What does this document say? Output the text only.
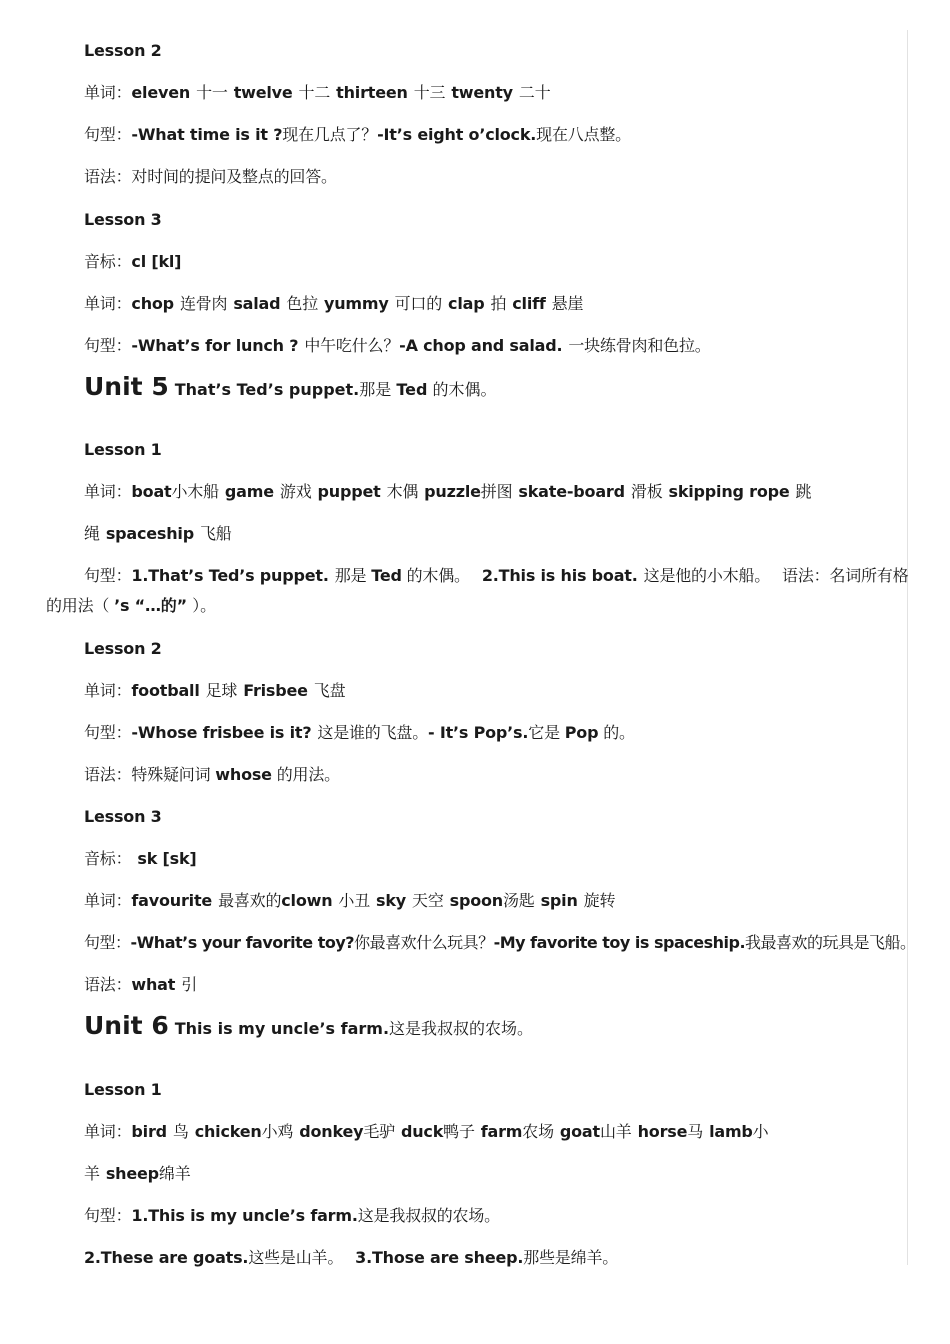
Lesson 2
单词：eleven 十一 twelve 十二 thirteen 十三 twenty 二十
句型：-What time is it ?现在几点了？-It’s eight o’clock.现在八点整。
语法：对时间的提问及整点的回答。
Lesson 3
音标：cl [kl]
单词：chop 连骨肉 salad 色拉 yummy 可口的 clap 拍 cliff 悬崖
句型：-What’s for lunch ? 中午吃什么？-A chop and salad. 一块练骨肉和色拉。
Unit 5 That’s Ted’s puppet.那是 Ted 的木偶。
Lesson 1
单词：boat小木船 game 游戏 puppet 木偶 puzzle拼图 skate-board 滑板 skipping rope 跳
绳 spaceship 飞船
句型：1.That’s Ted’s puppet. 那是 Ted 的木偶。 2.This is his boat. 这是他的小木船。 语法：名词所有格
的用法（ ’s “…的” ）。
Lesson 2
单词：football 足球 Frisbee 飞盘
句型：-Whose frisbee is it? 这是谁的飞盘。- It’s Pop’s.它是 Pop 的。
语法：特殊疑问词 whose 的用法。
Lesson 3
音标： sk [sk]
单词：favourite 最喜欢的clown 小丑 sky 天空 spoon汤匙 spin 旋转
句型：-What’s your favorite toy?你最喜欢什么玩具？-My favorite toy is spaceship.我最喜欢的玩具是飞船。
语法：what 引
Unit 6 This is my uncle’s farm.这是我叔叔的农场。
Lesson 1
单词：bird 鸟 chicken小鸡 donkey毛驴 duck鸭子 farm农场 goat山羊 horse马 lamb小
羊 sheep绵羊
句型：1.This is my uncle’s farm.这是我叔叔的农场。
2.These are goats.这些是山羊。 3.Those are sheep.那些是绵羊。
